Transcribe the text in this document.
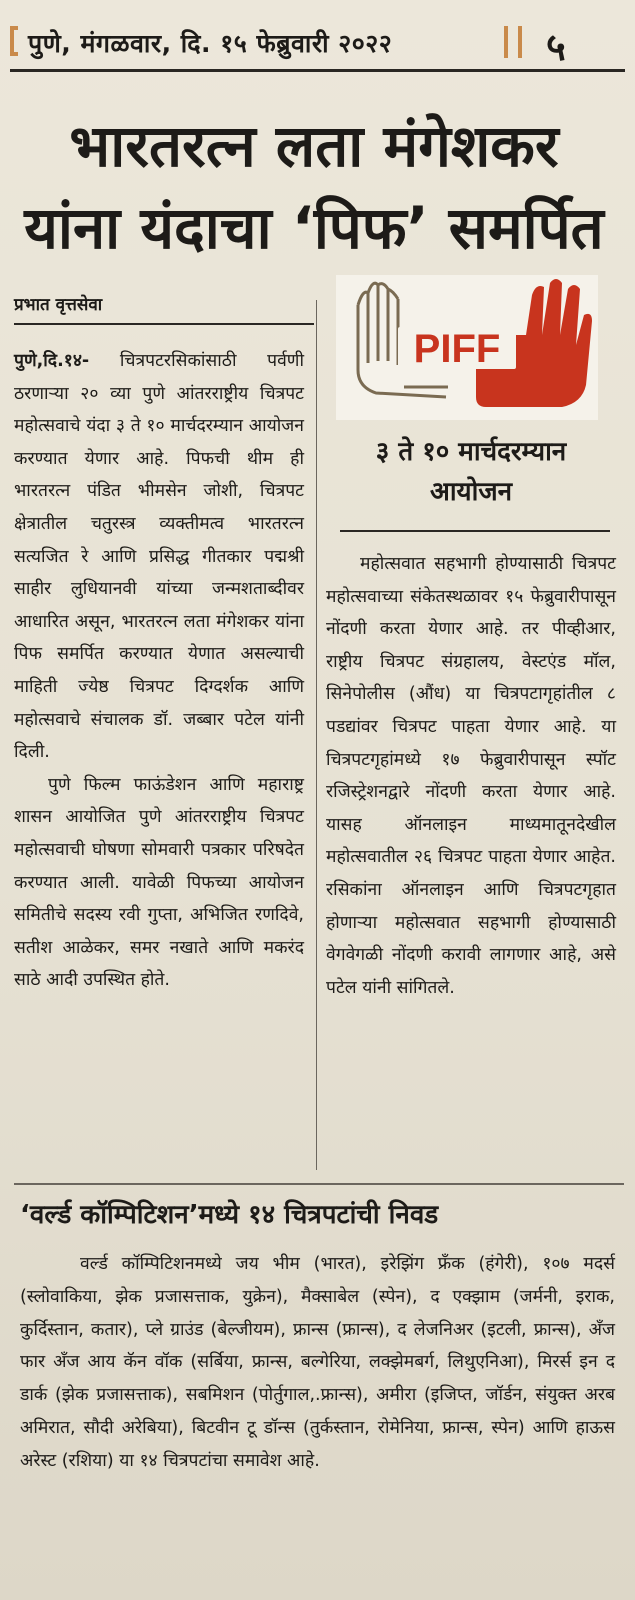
पुणे, मंगळवार, दि. १५ फेब्रुवारी २०२२	५
भारतरत्न लता मंगेशकर
यांना यंदाचा ‘पिफ’ समर्पित
प्रभात वृत्तसेवा

पुणे,दि.१४- चित्रपटरसिकांसाठी पर्वणी ठरणाऱ्या २० व्या पुणे आंतरराष्ट्रीय चित्रपट महोत्सवाचे यंदा ३ ते १० मार्चदरम्यान आयोजन करण्यात येणार आहे. पिफची थीम ही भारतरत्न पंडित भीमसेन जोशी, चित्रपट क्षेत्रातील चतुरस्त्र व्यक्तीमत्व भारतरत्न सत्यजित रे आणि प्रसिद्ध गीतकार पद्मश्री साहीर लुधियानवी यांच्या जन्मशताब्दीवर आधारित असून, भारतरत्न लता मंगेशकर यांना पिफ समर्पित करण्यात येणात असल्याची माहिती ज्येष्ठ चित्रपट दिग्दर्शक आणि महोत्सवाचे संचालक डॉ. जब्बार पटेल यांनी दिली.

पुणे फिल्म फाऊंडेशन आणि महाराष्ट्र शासन आयोजित पुणे आंतरराष्ट्रीय चित्रपट महोत्सवाची घोषणा सोमवारी पत्रकार परिषदेत करण्यात आली. यावेळी पिफच्या आयोजन समितीचे सदस्य रवी गुप्ता, अभिजित रणदिवे, सतीश आळेकर, समर नखाते आणि मकरंद साठे आदी उपस्थित होते.

PIFF
३ ते १० मार्चदरम्यान
आयोजन

महोत्सवात सहभागी होण्यासाठी चित्रपट महोत्सवाच्या संकेतस्थळावर १५ फेब्रुवारीपासून नोंदणी करता येणार आहे. तर पीव्हीआर, राष्ट्रीय चित्रपट संग्रहालय, वेस्टएंड मॉल, सिनेपोलीस (औंध) या चित्रपटागृहांतील ८ पडद्यांवर चित्रपट पाहता येणार आहे. या चित्रपटगृहांमध्ये १७ फेब्रुवारीपासून स्पॉट रजिस्ट्रेशनद्वारे नोंदणी करता येणार आहे. यासह ऑनलाइन माध्यमातूनदेखील महोत्सवातील २६ चित्रपट पाहता येणार आहेत. रसिकांना ऑनलाइन आणि चित्रपटगृहात होणाऱ्या महोत्सवात सहभागी होण्यासाठी वेगवेगळी नोंदणी करावी लागणार आहे, असे पटेल यांनी सांगितले.

‘वर्ल्ड कॉम्पिटिशन’मध्ये १४ चित्रपटांची निवड

वर्ल्ड कॉम्पिटिशनमध्ये जय भीम (भारत), इरेझिंग फ्रँक (हंगेरी), १०७ मदर्स (स्लोवाकिया, झेक प्रजासत्ताक, युक्रेन), मैक्साबेल (स्पेन), द एक्झाम (जर्मनी, इराक, कुर्दिस्तान, कतार), प्ले ग्राउंड (बेल्जीयम), फ्रान्स (फ्रान्स), द लेजनिअर (इटली, फ्रान्स), अँज फार अँज आय कॅन वॉक (सर्बिया, फ्रान्स, बल्गेरिया, लक्झेमबर्ग, लिथुएनिआ), मिरर्स इन द डार्क (झेक प्रजासत्ताक), सबमिशन (पोर्तुगाल,.फ्रान्स), अमीरा (इजिप्त, जॉर्डन, संयुक्त अरब अमिरात, सौदी अरेबिया), बिटवीन टू डॉन्स (तुर्कस्तान, रोमेनिया, फ्रान्स, स्पेन) आणि हाऊस अरेस्ट (रशिया) या १४ चित्रपटांचा समावेश आहे.
